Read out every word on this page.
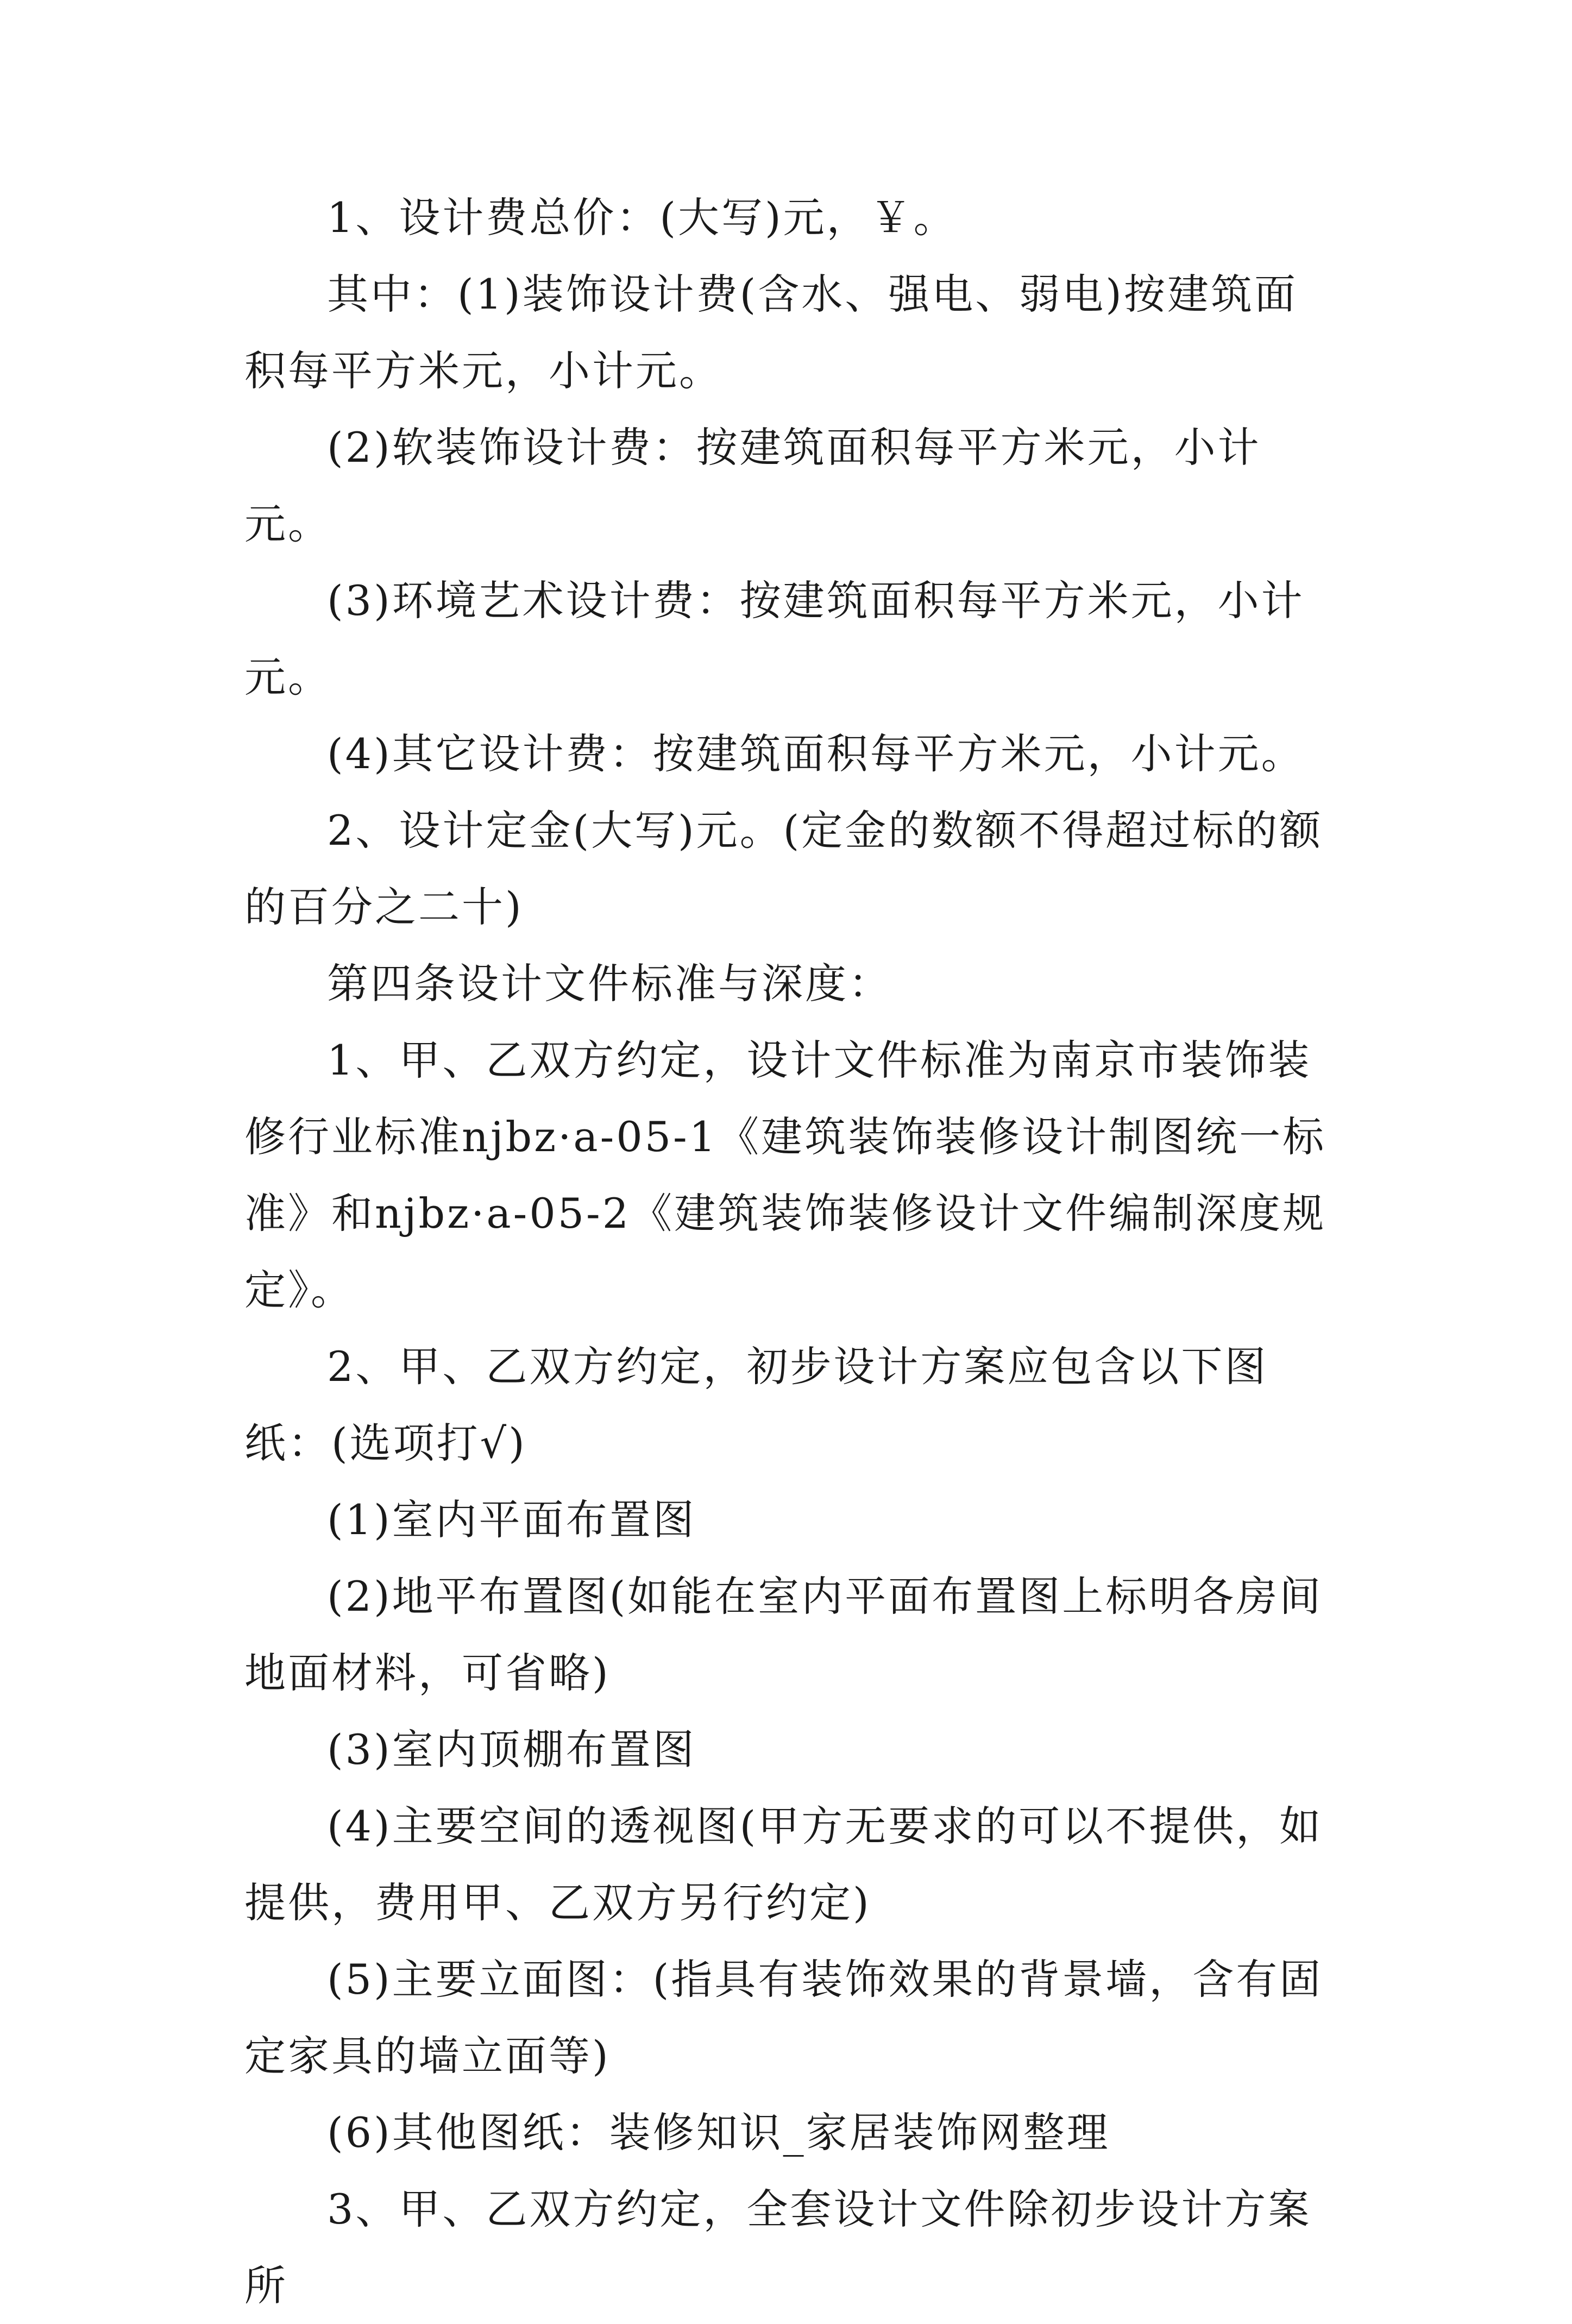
1、设计费总价：(大写)元，￥。

其中：(1)装饰设计费(含水、强电、弱电)按建筑面积每平方米元，小计元。

(2)软装饰设计费：按建筑面积每平方米元，小计元。

(3)环境艺术设计费：按建筑面积每平方米元，小计元。

(4)其它设计费：按建筑面积每平方米元，小计元。

2、设计定金(大写)元。(定金的数额不得超过标的额的百分之二十)

第四条设计文件标准与深度：

1、甲、乙双方约定，设计文件标准为南京市装饰装修行业标准njbz·a-05-1《建筑装饰装修设计制图统一标准》和njbz·a-05-2《建筑装饰装修设计文件编制深度规定》。

2、甲、乙双方约定，初步设计方案应包含以下图纸：(选项打√)

(1)室内平面布置图

(2)地平布置图(如能在室内平面布置图上标明各房间地面材料，可省略)

(3)室内顶棚布置图

(4)主要空间的透视图(甲方无要求的可以不提供，如提供，费用甲、乙双方另行约定)

(5)主要立面图：(指具有装饰效果的背景墙，含有固定家具的墙立面等)

(6)其他图纸：装修知识_家居装饰网整理

3、甲、乙双方约定，全套设计文件除初步设计方案所
